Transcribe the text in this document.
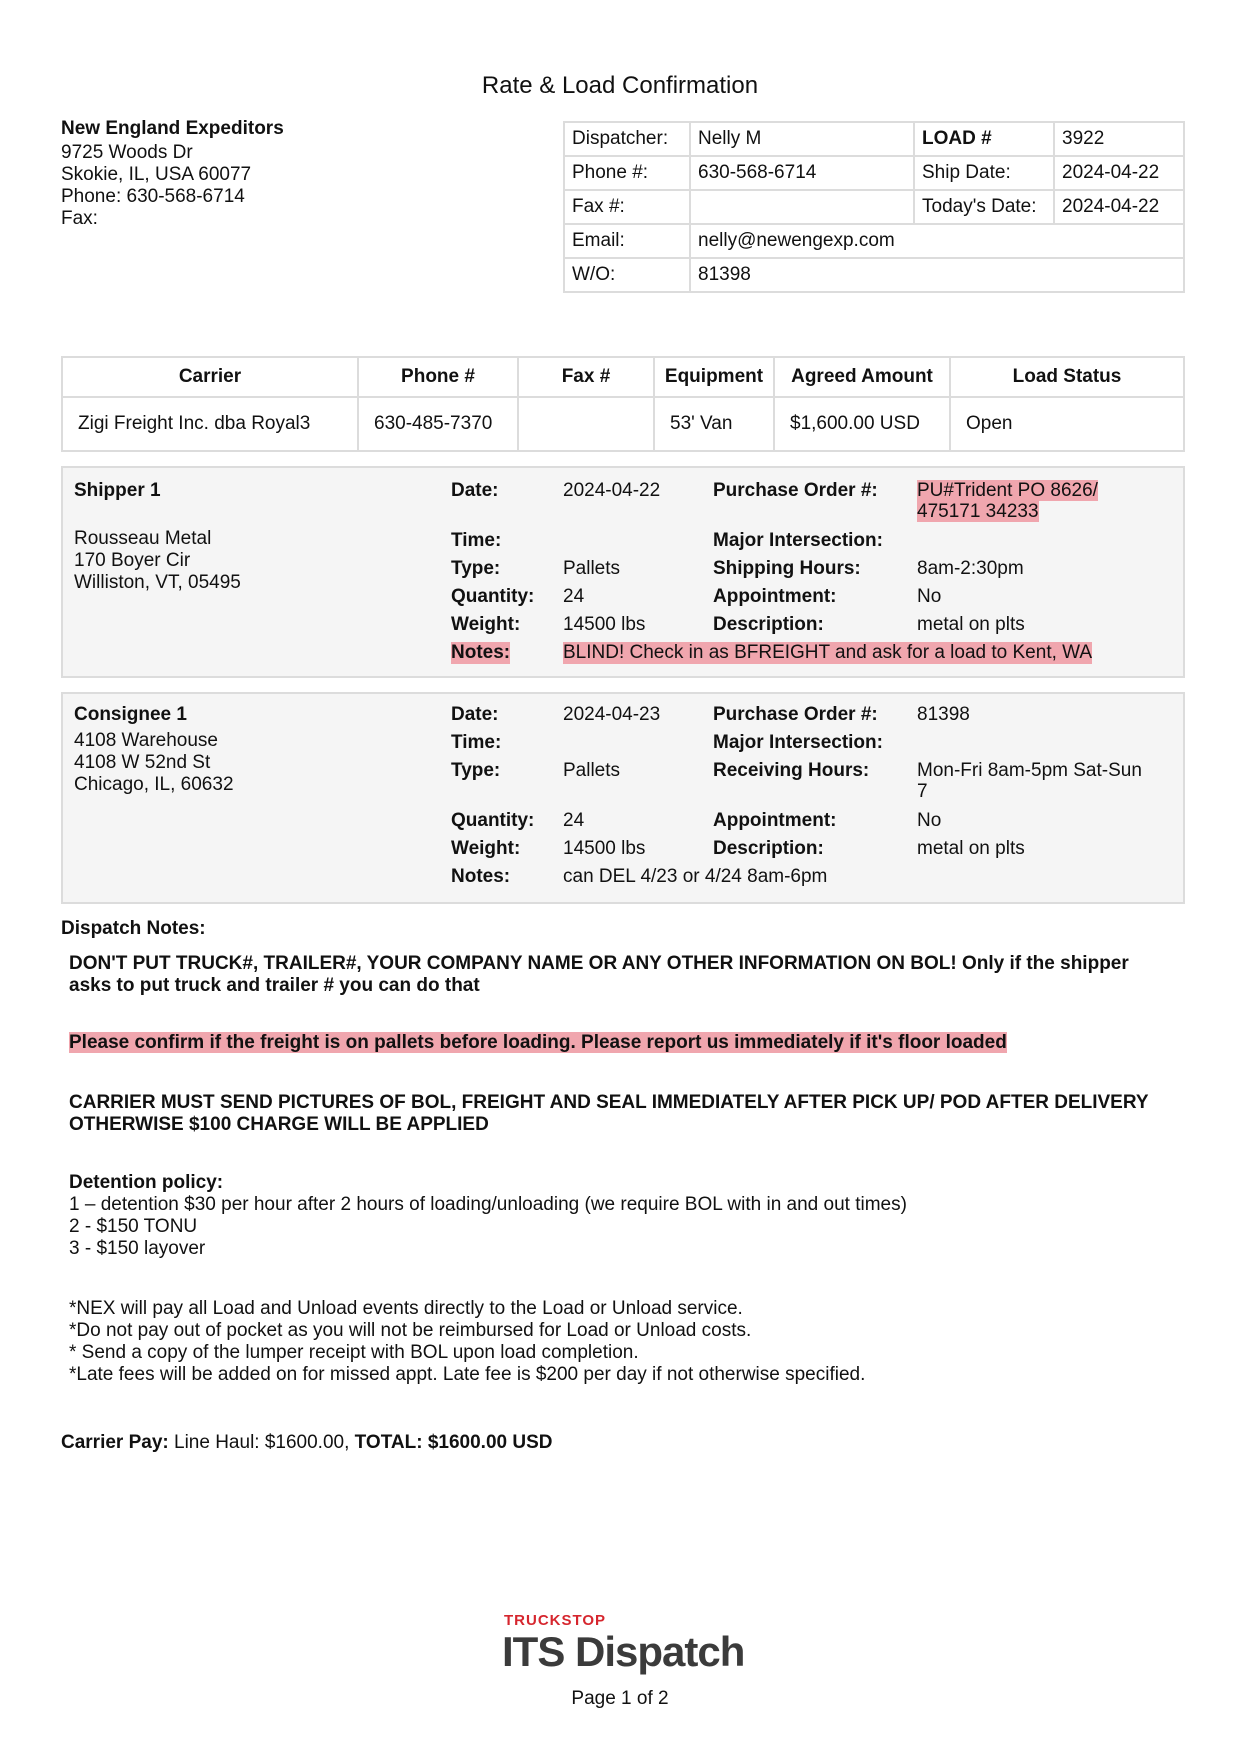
Rate & Load Confirmation
New England Expeditors
9725 Woods Dr
Skokie, IL, USA 60077
Phone: 630-568-6714
Fax:
Dispatcher:	Nelly M	LOAD #	3922
Phone #:	630-568-6714	Ship Date:	2024-04-22
Fax #:		Today's Date:	2024-04-22
Email:	nelly@newengexp.com		
W/O:	81398		
Carrier	Phone #	Fax #	Equipment	Agreed Amount	Load Status
Zigi Freight Inc. dba Royal3	630-485-7370		53' Van	$1,600.00 USD	Open
Shipper 1
Rousseau Metal
170 Boyer Cir
Williston, VT, 05495
Date:	2024-04-22	Purchase Order #: PU#Trident PO 8626/
475171 34233
Time:	Major Intersection:
Type:	Pallets	Shipping Hours:	8am-2:30pm
Quantity: 24	Appointment:	No
Weight: 14500 lbs	Description:	metal on plts
Notes:	BLIND! Check in as BFREIGHT and ask for a load to Kent, WA
Consignee 1
4108 Warehouse
4108 W 52nd St
Chicago, IL, 60632
Date:	2024-04-23	Purchase Order #: 81398
Time:	Major Intersection:
Type:	Pallets	Receiving Hours:	Mon-Fri 8am-5pm Sat-Sun
7
Quantity: 24	Appointment:	No
Weight: 14500 lbs	Description:	metal on plts
Notes:	can DEL 4/23 or 4/24 8am-6pm
Dispatch Notes:
DON'T PUT TRUCK#, TRAILER#, YOUR COMPANY NAME OR ANY OTHER INFORMATION ON BOL! Only if the shipper asks to put truck and trailer # you can do that
Please confirm if the freight is on pallets before loading. Please report us immediately if it's floor loaded
CARRIER MUST SEND PICTURES OF BOL, FREIGHT AND SEAL IMMEDIATELY AFTER PICK UP/ POD AFTER DELIVERY OTHERWISE $100 CHARGE WILL BE APPLIED
Detention policy:
1 – detention $30 per hour after 2 hours of loading/unloading (we require BOL with in and out times)
2 - $150 TONU
3 - $150 layover
*NEX will pay all Load and Unload events directly to the Load or Unload service.
*Do not pay out of pocket as you will not be reimbursed for Load or Unload costs.
* Send a copy of the lumper receipt with BOL upon load completion.
*Late fees will be added on for missed appt. Late fee is $200 per day if not otherwise specified.
Carrier Pay: Line Haul: $1600.00, TOTAL: $1600.00 USD
TRUCKSTOP
ITS Dispatch
Page 1 of 2
